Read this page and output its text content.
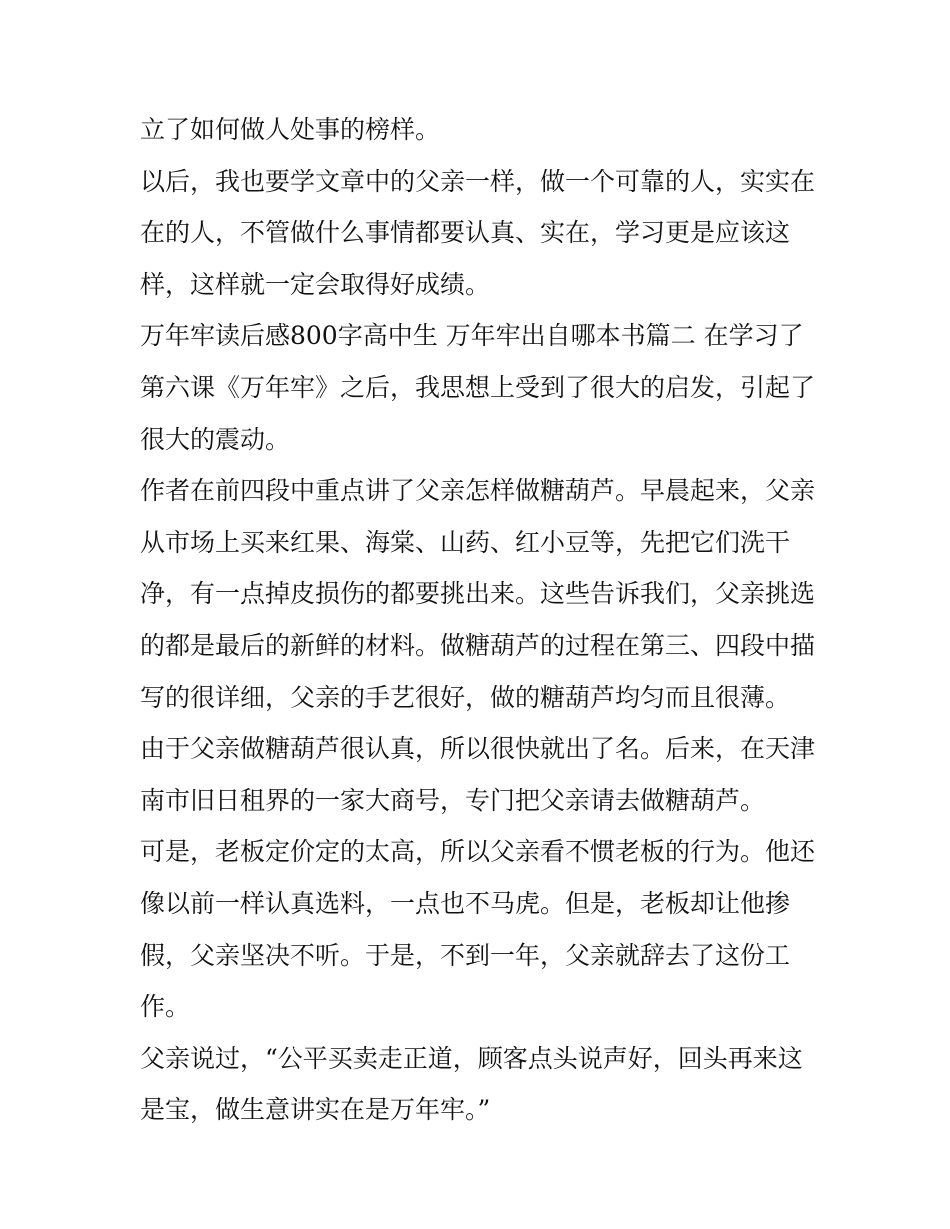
立了如何做人处事的榜样。
以后，我也要学文章中的父亲一样，做一个可靠的人，实实在
在的人，不管做什么事情都要认真、实在，学习更是应该这
样，这样就一定会取得好成绩。
万年牢读后感800字高中生 万年牢出自哪本书篇二 在学习了
第六课《万年牢》之后，我思想上受到了很大的启发，引起了
很大的震动。
作者在前四段中重点讲了父亲怎样做糖葫芦。早晨起来，父亲
从市场上买来红果、海棠、山药、红小豆等，先把它们洗干
净，有一点掉皮损伤的都要挑出来。这些告诉我们，父亲挑选
的都是最后的新鲜的材料。做糖葫芦的过程在第三、四段中描
写的很详细，父亲的手艺很好，做的糖葫芦均匀而且很薄。
由于父亲做糖葫芦很认真，所以很快就出了名。后来，在天津
南市旧日租界的一家大商号，专门把父亲请去做糖葫芦。
可是，老板定价定的太高，所以父亲看不惯老板的行为。他还
像以前一样认真选料，一点也不马虎。但是，老板却让他掺
假，父亲坚决不听。于是，不到一年，父亲就辞去了这份工
作。
父亲说过，“公平买卖走正道，顾客点头说声好，回头再来这
是宝，做生意讲实在是万年牢。”
